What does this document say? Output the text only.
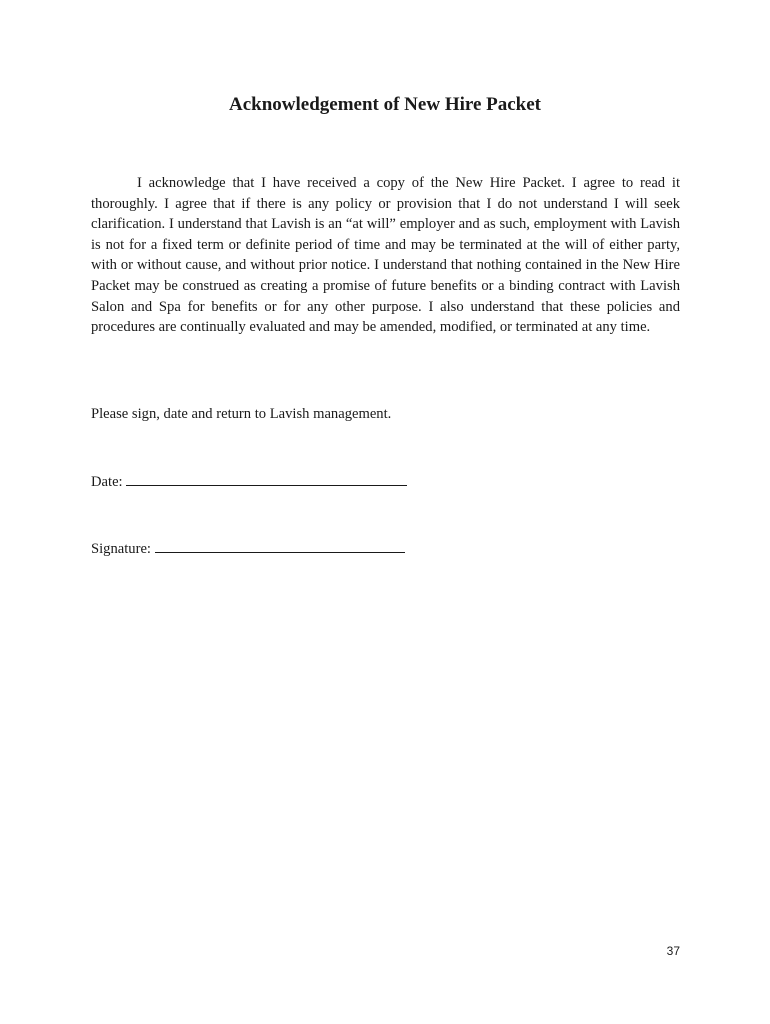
Acknowledgement of New Hire Packet

I acknowledge that I have received a copy of the New Hire Packet. I agree to read it thoroughly. I agree that if there is any policy or provision that I do not understand I will seek clarification. I understand that Lavish is an “at will” employer and as such, employment with Lavish is not for a fixed term or definite period of time and may be terminated at the will of either party, with or without cause, and without prior notice. I understand that nothing contained in the New Hire Packet may be construed as creating a promise of future benefits or a binding contract with Lavish Salon and Spa for benefits or for any other purpose. I also understand that these policies and procedures are continually evaluated and may be amended, modified, or terminated at any time.

Please sign, date and return to Lavish management.

Date:

Signature:

37
